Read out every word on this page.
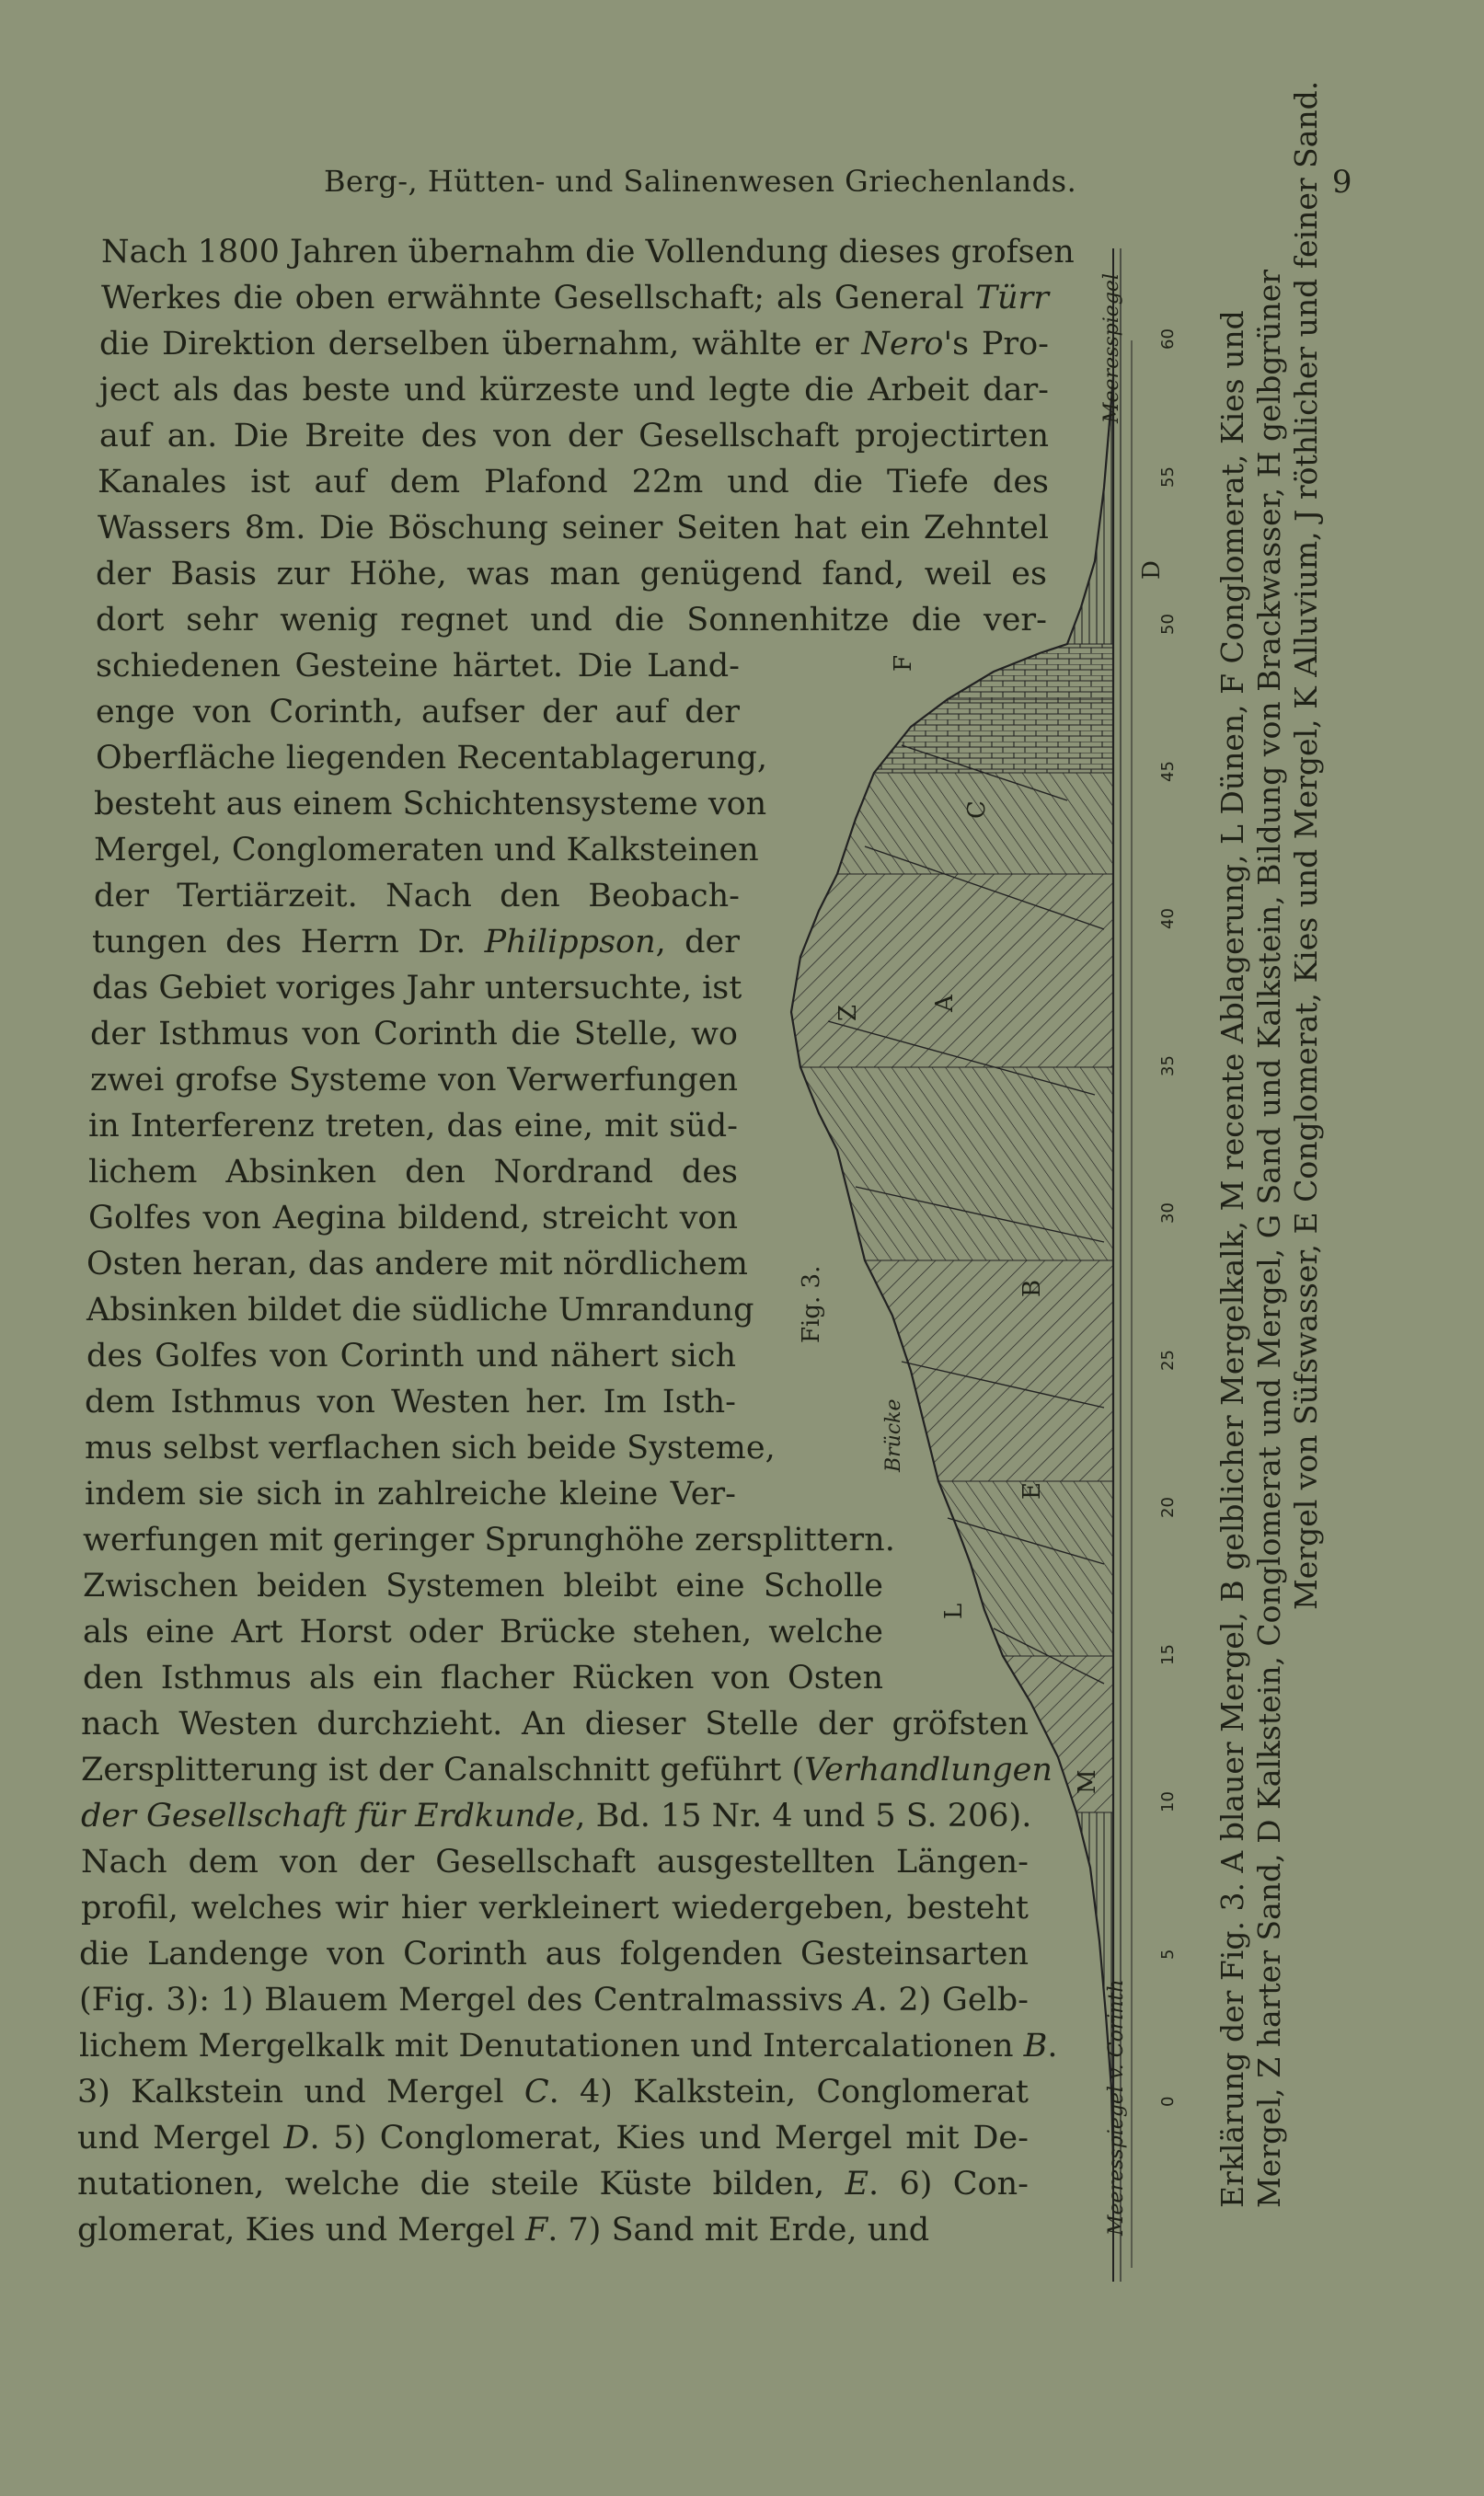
Berg-, Hütten- und Salinenwesen Griechenlands.	9
Nach 1800 Jahren übernahm die Vollendung dieses grofsen
Werkes die oben erwähnte Gesellschaft; als General Türr
die Direktion derselben übernahm, wählte er Nero's Pro-
ject als das beste und kürzeste und legte die Arbeit dar-
auf an. Die Breite des von der Gesellschaft projectirten
Kanales ist auf dem Plafond 22m und die Tiefe des
Wassers 8m. Die Böschung seiner Seiten hat ein Zehntel
der Basis zur Höhe, was man genügend fand, weil es
dort sehr wenig regnet und die Sonnenhitze die ver-
schiedenen Gesteine härtet. Die Land-
enge von Corinth, aufser der auf der
Oberfläche liegenden Recentablagerung,
besteht aus einem Schichtensysteme von
Mergel, Conglomeraten und Kalksteinen
der Tertiärzeit. Nach den Beobach-
tungen des Herrn Dr. Philippson, der
das Gebiet voriges Jahr untersuchte, ist
der Isthmus von Corinth die Stelle, wo
zwei grofse Systeme von Verwerfungen
in Interferenz treten, das eine, mit süd-
lichem Absinken den Nordrand des
Golfes von Aegina bildend, streicht von
Osten heran, das andere mit nördlichem
Absinken bildet die südliche Umrandung
des Golfes von Corinth und nähert sich
dem Isthmus von Westen her. Im Isth-
mus selbst verflachen sich beide Systeme,
indem sie sich in zahlreiche kleine Ver-
werfungen mit geringer Sprunghöhe zersplittern.
Zwischen beiden Systemen bleibt eine Scholle
als eine Art Horst oder Brücke stehen, welche
den Isthmus als ein flacher Rücken von Osten
nach Westen durchzieht. An dieser Stelle der gröfsten
Zersplitterung ist der Canalschnitt geführt (Verhandlungen
der Gesellschaft für Erdkunde, Bd. 15 Nr. 4 und 5 S. 206).
Nach dem von der Gesellschaft ausgestellten Längen-
profil, welches wir hier verkleinert wiedergeben, besteht
die Landenge von Corinth aus folgenden Gesteinsarten
(Fig. 3): 1) Blauem Mergel des Centralmassivs A. 2) Gelb-
lichem Mergelkalk mit Denutationen und Intercalationen B.
3) Kalkstein und Mergel C. 4) Kalkstein, Conglomerat
und Mergel D. 5) Conglomerat, Kies und Mergel mit De-
nutationen, welche die steile Küste bilden, E. 6) Con-
glomerat, Kies und Mergel F. 7) Sand mit Erde, und
A
B
C
D
E
F
L
Z
M
Fig. 3.
Brücke
Meeresspiegel v. Corinth
Meeresspiegel
0
5
10
15
20
25
30
35
40
45
50
55
60 Erklärung der Fig. 3. A blauer Mergel, B gelblicher Mergelkalk, M recente Ablagerung, L Dünen, F Conglomerat, Kies und Mergel, Z harter Sand, D Kalkstein, Conglomerat und Mergel, G Sand und Kalkstein, Bildung von Brackwasser, H gelbgrüner Mergel von Süfswasser, E Conglomerat, Kies und Mergel, K Alluvium, J röthlicher und feiner Sand.
